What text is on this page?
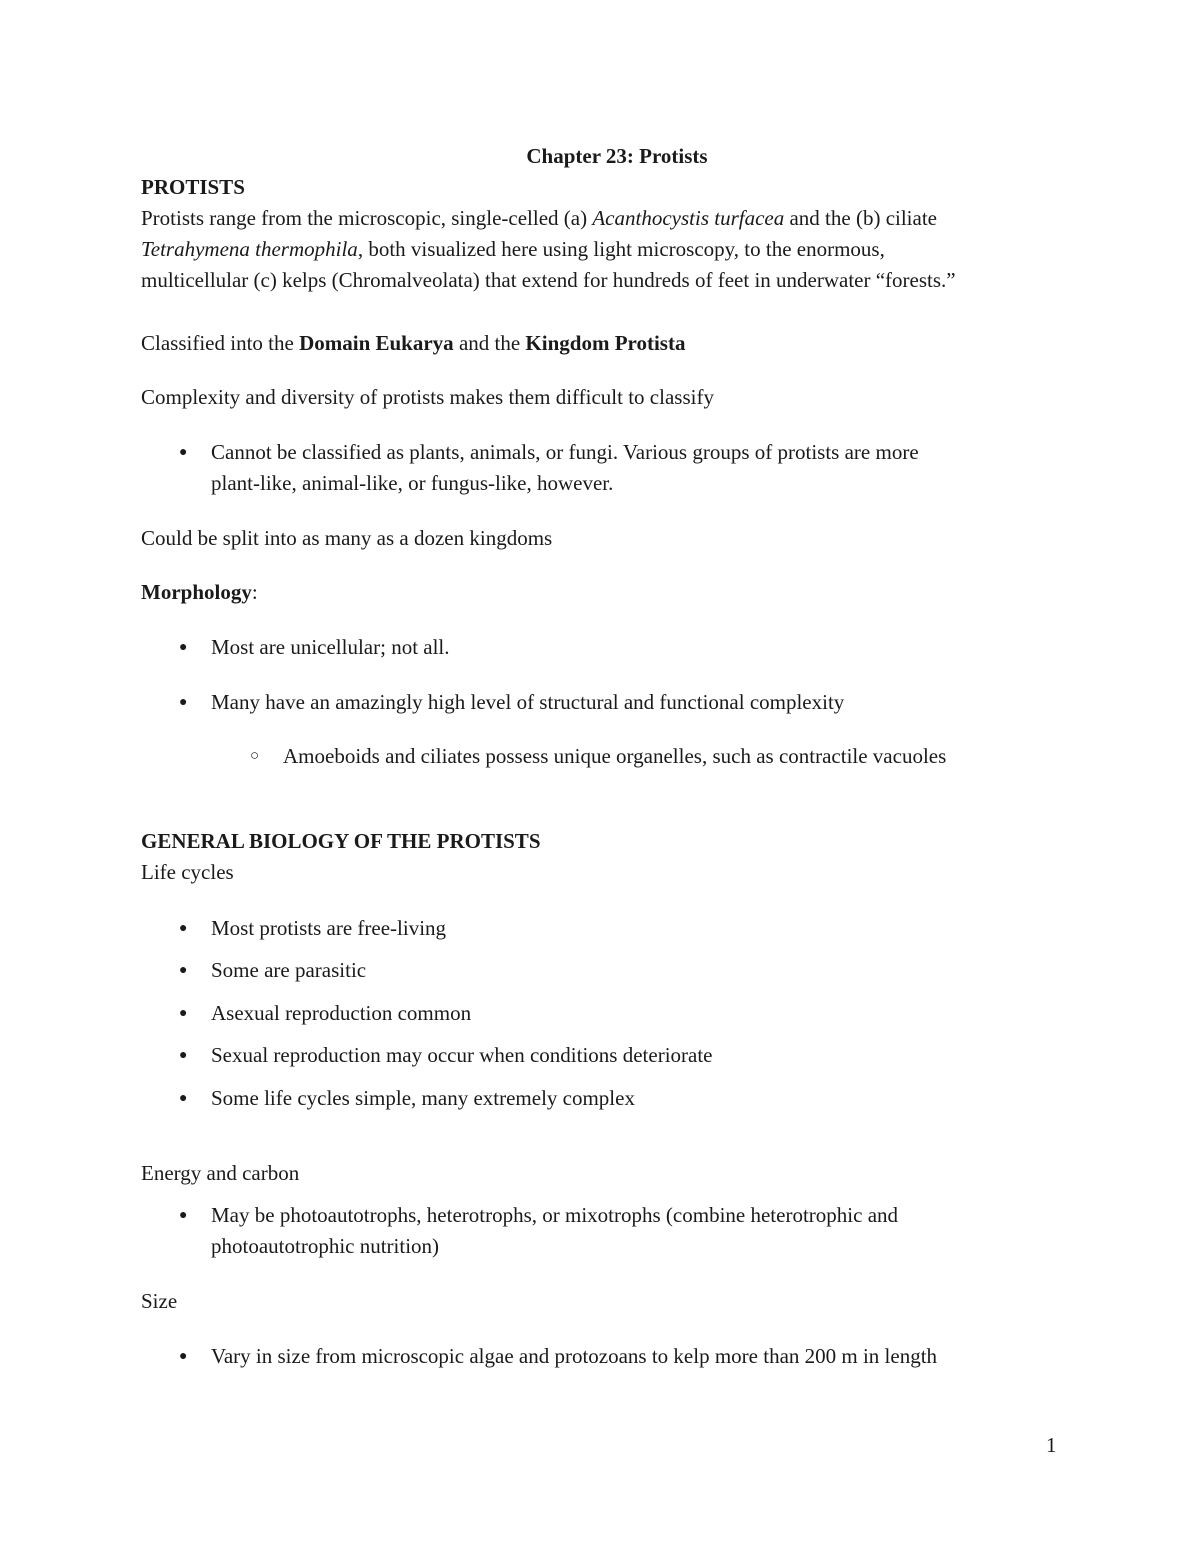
Chapter 23: Protists
PROTISTS
Protists range from the microscopic, single-celled (a) Acanthocystis turfacea and the (b) ciliate
Tetrahymena thermophila, both visualized here using light microscopy, to the enormous,
multicellular (c) kelps (Chromalveolata) that extend for hundreds of feet in underwater “forests.”
Classified into the Domain Eukarya and the Kingdom Protista
Complexity and diversity of protists makes them difficult to classify
● Cannot be classified as plants, animals, or fungi. Various groups of protists are more
plant-like, animal-like, or fungus-like, however.
Could be split into as many as a dozen kingdoms
Morphology:
● Most are unicellular; not all.
● Many have an amazingly high level of structural and functional complexity
○ Amoeboids and ciliates possess unique organelles, such as contractile vacuoles
GENERAL BIOLOGY OF THE PROTISTS
Life cycles
● Most protists are free-living
● Some are parasitic
● Asexual reproduction common
● Sexual reproduction may occur when conditions deteriorate
● Some life cycles simple, many extremely complex
Energy and carbon
● May be photoautotrophs, heterotrophs, or mixotrophs (combine heterotrophic and
photoautotrophic nutrition)
Size
● Vary in size from microscopic algae and protozoans to kelp more than 200 m in length
1
